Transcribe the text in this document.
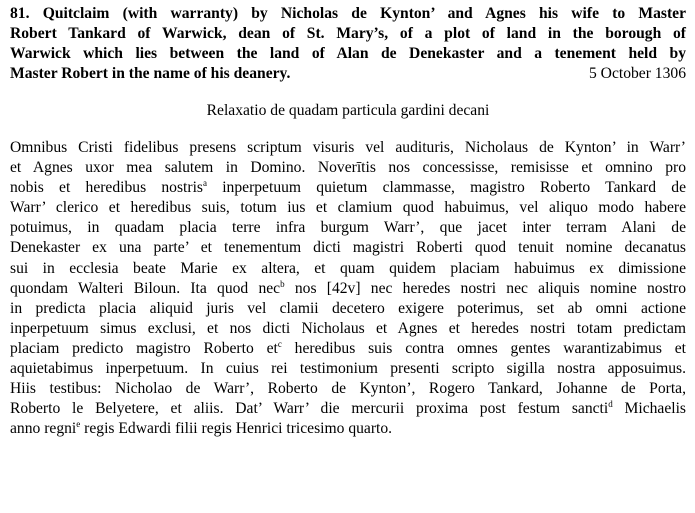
81. Quitclaim (with warranty) by Nicholas de Kynton’ and Agnes his wife to Master
Robert Tankard of Warwick, dean of St. Mary’s, of a plot of land in the borough of
Warwick which lies between the land of Alan de Denekaster and a tenement held by
Master Robert in the name of his deanery.	5 October 1306
Relaxatio de quadam particula gardini decani
Omnibus Cristi fidelibus presens scriptum visuris vel audituris, Nicholaus de Kynton’ in Warr’
et Agnes uxor mea salutem in Domino. Noverītis nos concessisse, remisisse et omnino pro
nobis et heredibus nostris$^a$ inperpetuum quietum clammasse, magistro Roberto Tankard de
Warr’ clerico et heredibus suis, totum ius et clamium quod habuimus, vel aliquo modo habere
potuimus, in quadam placia terre infra burgum Warr’, que jacet inter terram Alani de
Denekaster ex una parte’ et tenementum dicti magistri Roberti quod tenuit nomine decanatus
sui in ecclesia beate Marie ex altera, et quam quidem placiam habuimus ex dimissione
quondam Walteri Biloun. Ita quod nec$^b$ nos [42v] nec heredes nostri nec aliquis nomine nostro
in predicta placia aliquid juris vel clamii decetero exigere poterimus, set ab omni actione
inperpetuum simus exclusi, et nos dicti Nicholaus et Agnes et heredes nostri totam predictam
placiam predicto magistro Roberto $et^c$ heredibus suis contra omnes gentes warantizabimus et
aquietabimus inperpetuum. In cuius rei testimonium presenti scripto sigilla nostra apposuimus.
Hiis testibus: Nicholao de Warr’, Roberto de Kynton’, Rogero Tankard, Johanne de Porta,
Roberto le Belyetere, et aliis. Dat’ Warr’ die mercurii proxima post festum sancti$^d$ Michaelis
anno regni$^e$ regis Edwardi filii regis Henrici tricesimo quarto.
